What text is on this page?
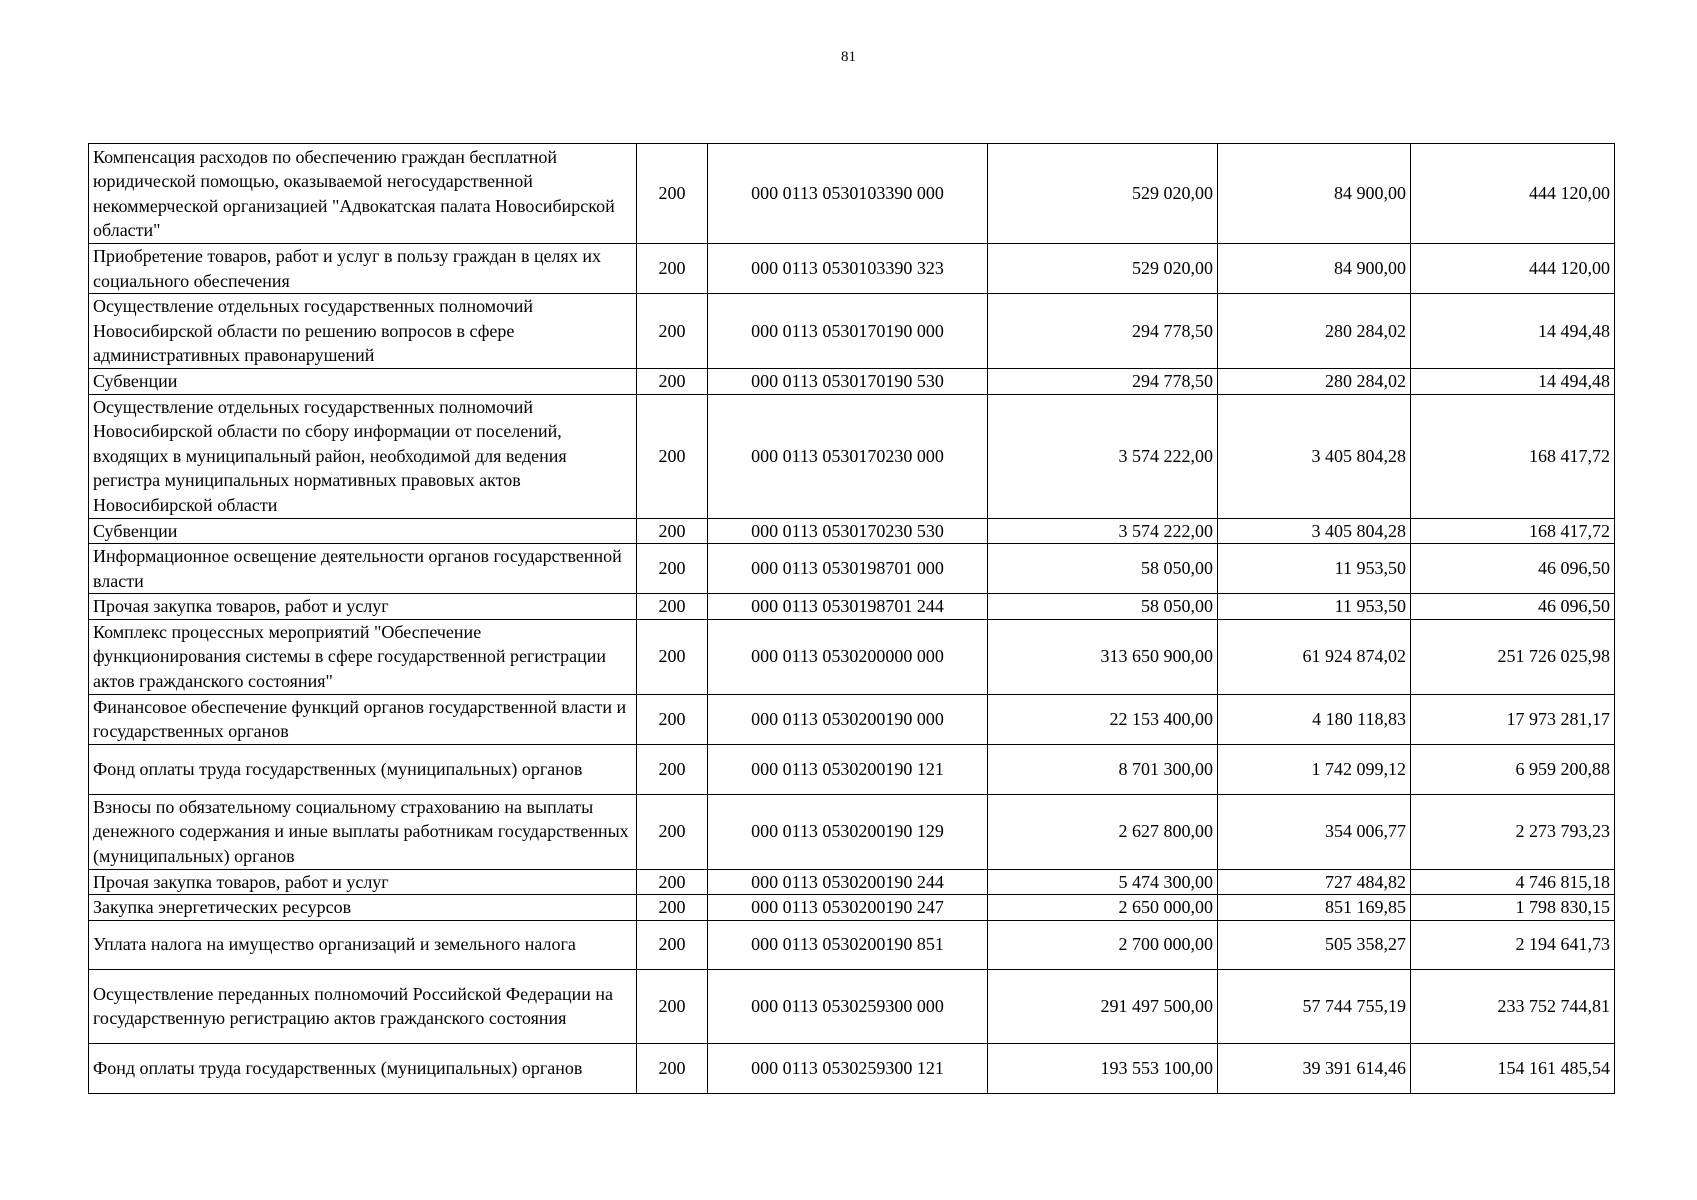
81
Компенсация расходов по обеспечению граждан бесплатной юридической помощью, оказываемой негосударственной некоммерческой организацией "Адвокатская палата Новосибирской области"	200	000 0113 0530103390 000	529 020,00	84 900,00	444 120,00
Приобретение товаров, работ и услуг в пользу граждан в целях их социального обеспечения	200	000 0113 0530103390 323	529 020,00	84 900,00	444 120,00
Осуществление отдельных государственных полномочий Новосибирской области по решению вопросов в сфере административных правонарушений	200	000 0113 0530170190 000	294 778,50	280 284,02	14 494,48
Субвенции	200	000 0113 0530170190 530	294 778,50	280 284,02	14 494,48
Осуществление отдельных государственных полномочий Новосибирской области по сбору информации от поселений, входящих в муниципальный район, необходимой для ведения регистра муниципальных нормативных правовых актов Новосибирской области	200	000 0113 0530170230 000	3 574 222,00	3 405 804,28	168 417,72
Субвенции	200	000 0113 0530170230 530	3 574 222,00	3 405 804,28	168 417,72
Информационное освещение деятельности органов государственной власти	200	000 0113 0530198701 000	58 050,00	11 953,50	46 096,50
Прочая закупка товаров, работ и услуг	200	000 0113 0530198701 244	58 050,00	11 953,50	46 096,50
Комплекс процессных мероприятий "Обеспечение функционирования системы в сфере государственной регистрации актов гражданского состояния"	200	000 0113 0530200000 000	313 650 900,00	61 924 874,02	251 726 025,98
Финансовое обеспечение функций органов государственной власти и государственных органов	200	000 0113 0530200190 000	22 153 400,00	4 180 118,83	17 973 281,17
Фонд оплаты труда государственных (муниципальных) органов	200	000 0113 0530200190 121	8 701 300,00	1 742 099,12	6 959 200,88
Взносы по обязательному социальному страхованию на выплаты денежного содержания и иные выплаты работникам государственных (муниципальных) органов	200	000 0113 0530200190 129	2 627 800,00	354 006,77	2 273 793,23
Прочая закупка товаров, работ и услуг	200	000 0113 0530200190 244	5 474 300,00	727 484,82	4 746 815,18
Закупка энергетических ресурсов	200	000 0113 0530200190 247	2 650 000,00	851 169,85	1 798 830,15
Уплата налога на имущество организаций и земельного налога	200	000 0113 0530200190 851	2 700 000,00	505 358,27	2 194 641,73
Осуществление переданных полномочий Российской Федерации на государственную регистрацию актов гражданского состояния	200	000 0113 0530259300 000	291 497 500,00	57 744 755,19	233 752 744,81
Фонд оплаты труда государственных (муниципальных) органов	200	000 0113 0530259300 121	193 553 100,00	39 391 614,46	154 161 485,54
